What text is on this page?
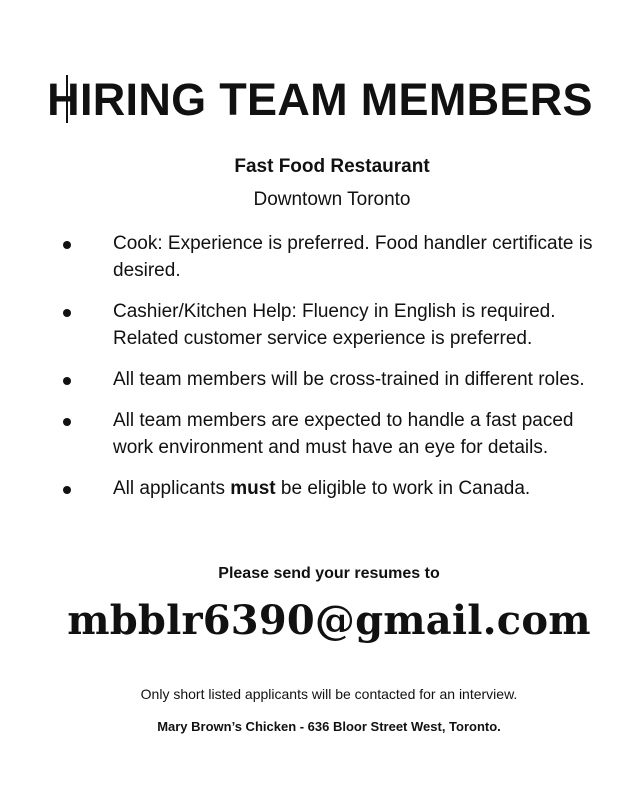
HIRING TEAM MEMBERS
Fast Food Restaurant
Downtown Toronto
Cook: Experience is preferred. Food handler certificate is desired.
Cashier/Kitchen Help: Fluency in English is required. Related customer service experience is preferred.
All team members will be cross-trained in different roles.
All team members are expected to handle a fast paced work environment and must have an eye for details.
All applicants must be eligible to work in Canada.
Please send your resumes to
mbblr6390@gmail.com
Only short listed applicants will be contacted for an interview.
Mary Brown’s Chicken - 636 Bloor Street West, Toronto.
